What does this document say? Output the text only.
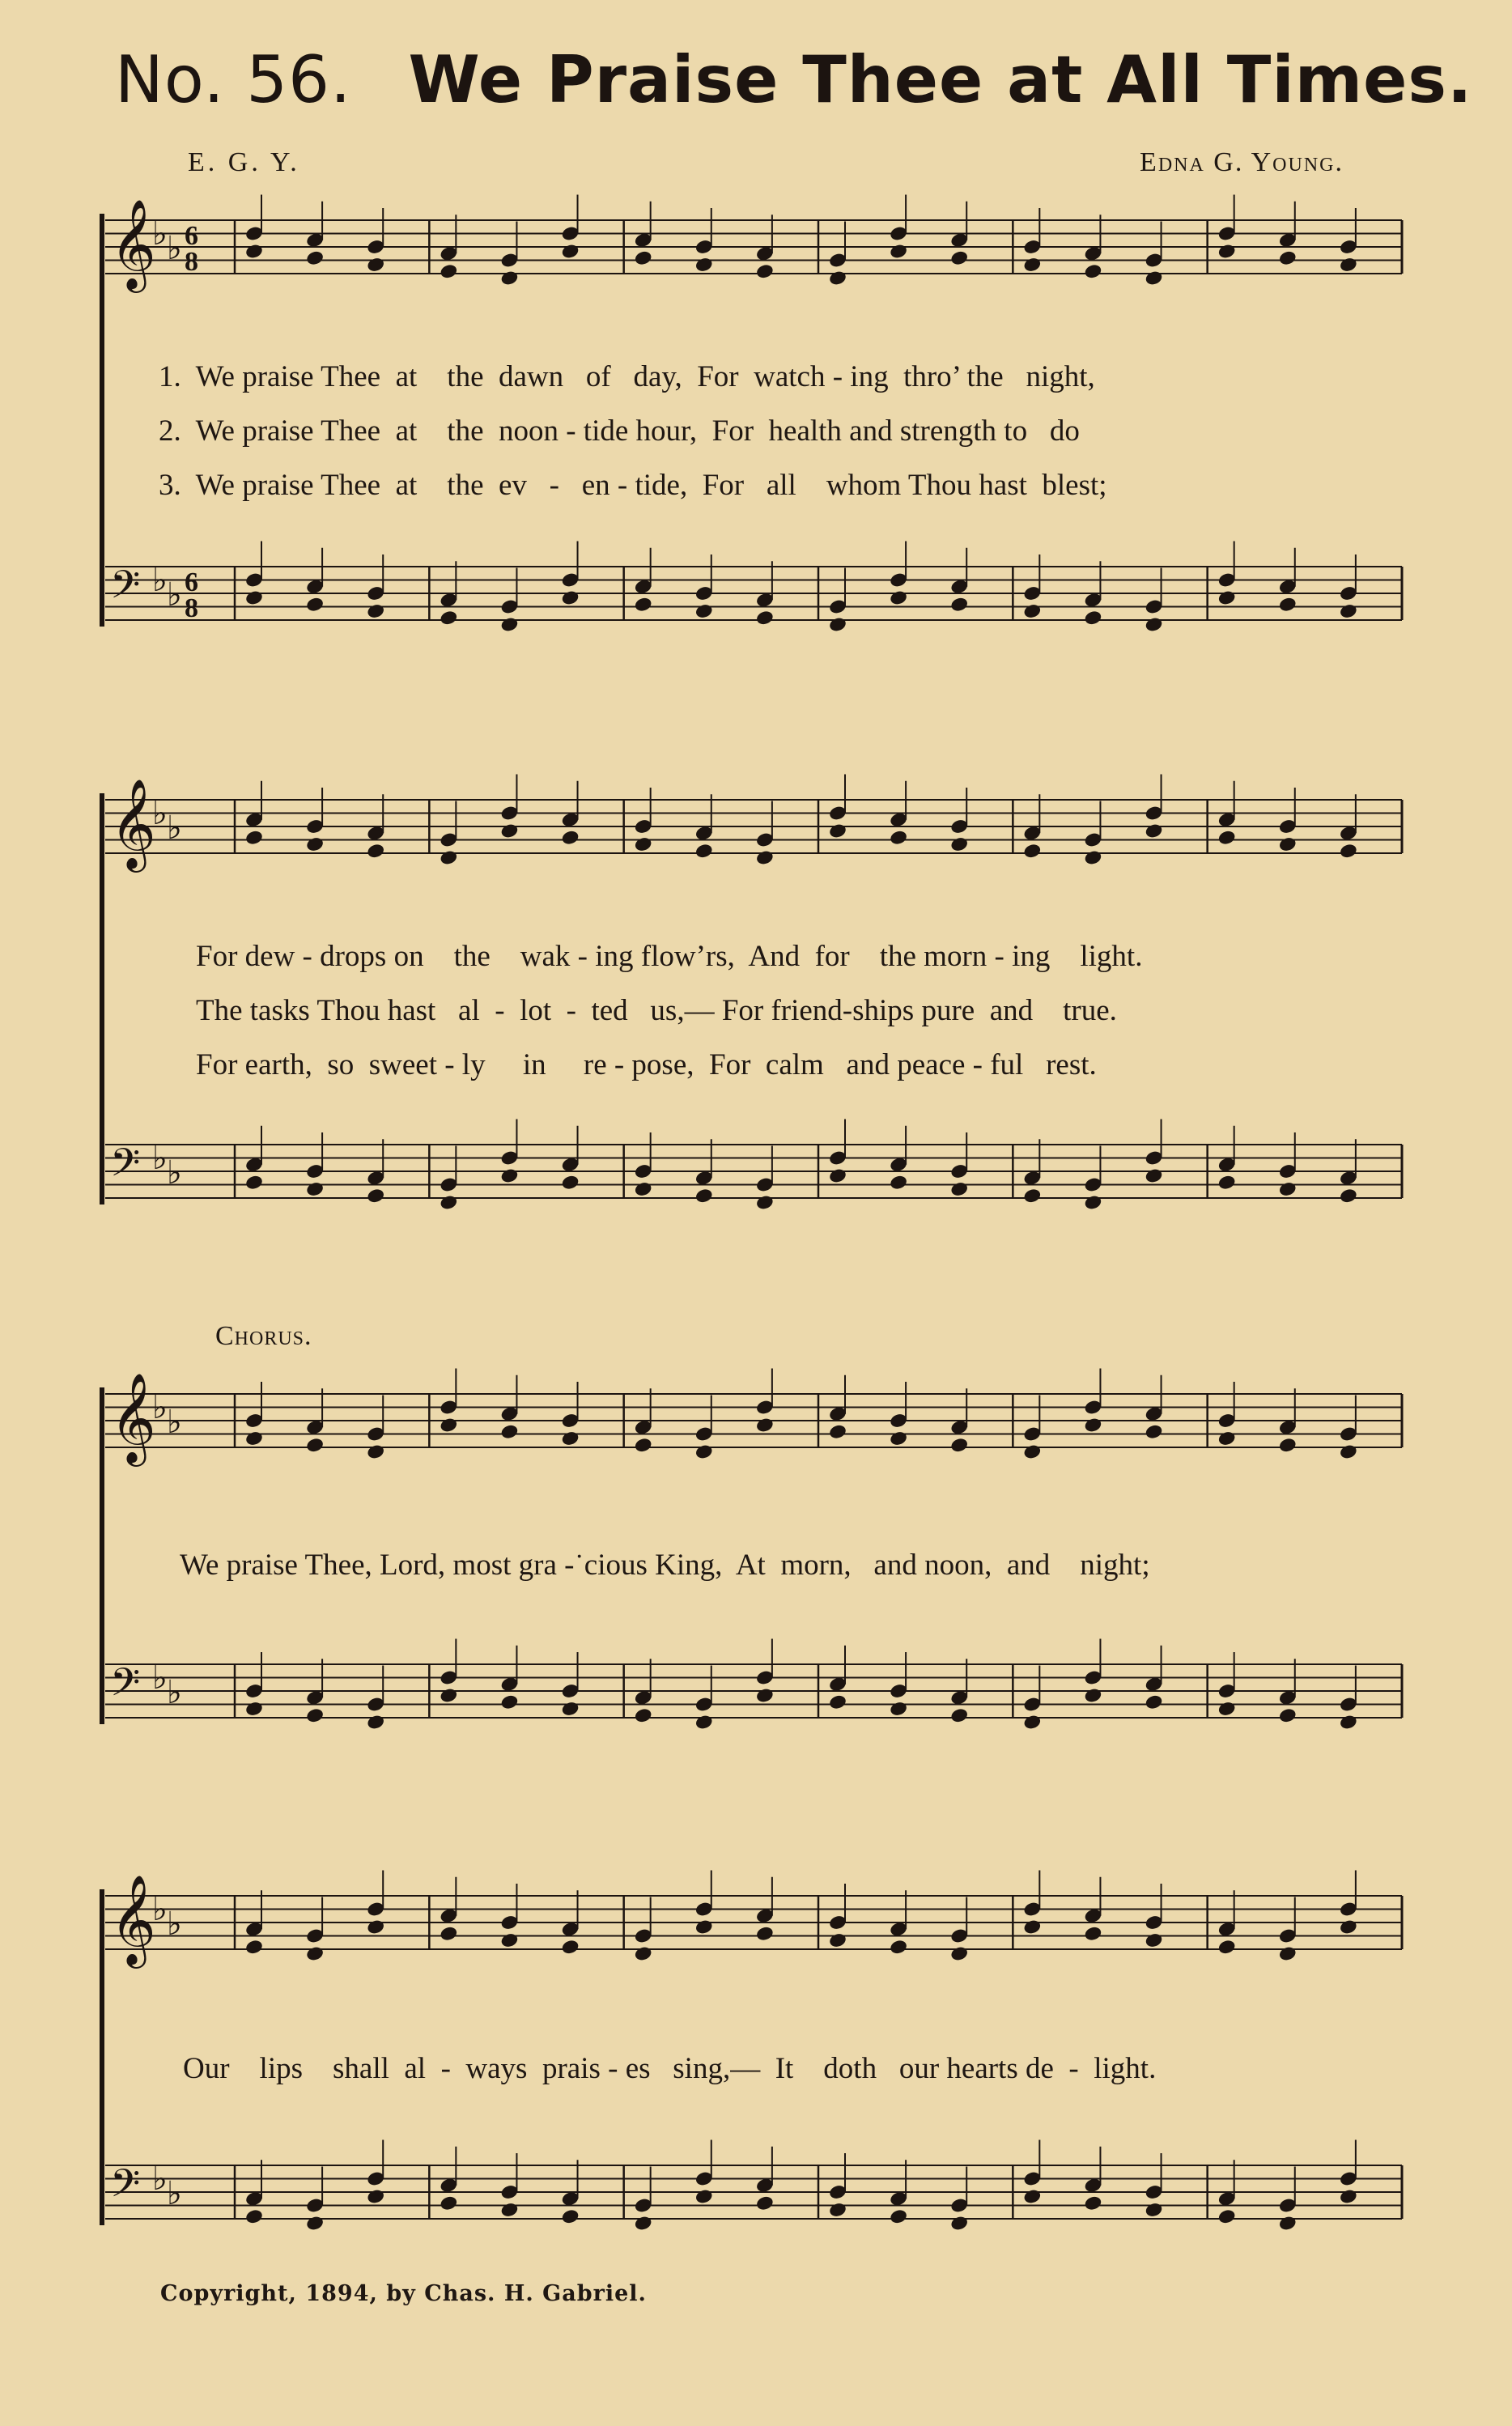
No. 56. We Praise Thee at All Times.
E. G. Y.	Edna G. Young.
𝄞
♭ ♭ 6
8
𝄢 ♭ ♭ 6
8
𝄞
♭ ♭
𝄢 ♭ ♭
𝄞
♭ ♭
𝄢 ♭ ♭
𝄞
♭ ♭
𝄢 ♭ ♭
1.  We praise Thee  at    the  dawn   of   day,  For  watch - ing  thro’ the   night,
2.  We praise Thee  at    the  noon - tide hour,  For  health and strength to   do
3.  We praise Thee  at    the  ev   -   en - tide,  For   all    whom Thou hast  blest;
For dew - drops on    the    wak - ing flow’rs,  And  for    the morn - ing    light.
The tasks Thou hast   al  -  lot  -  ted   us,— For friend-ships pure  and    true.
For earth,  so  sweet - ly     in     re - pose,  For  calm   and peace - ful   rest.
Chorus.
We praise Thee, Lord, most gra -˙cious King,  At  morn,   and noon,  and    night;
Our    lips    shall  al  -  ways  prais - es   sing,—  It    doth   our hearts de  -  light.
Copyright, 1894, by Chas. H. Gabriel.
